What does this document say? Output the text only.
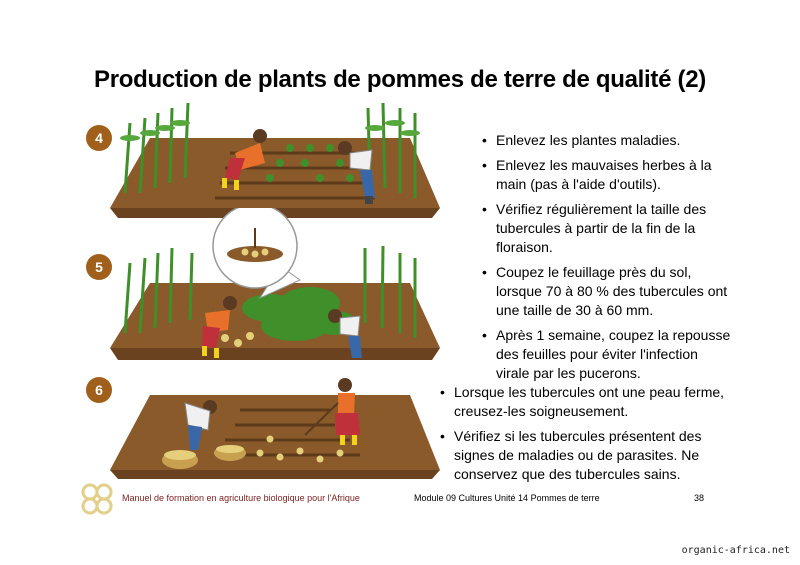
Production de plants de pommes de terre de qualité (2)
4
5
6
• Enlevez les plantes maladies.
• Enlevez les mauvaises herbes à la main (pas à l'aide d'outils).
• Vérifiez régulièrement la taille des tubercules à partir de la fin de la floraison.
• Coupez le feuillage près du sol, lorsque 70 à 80 % des tubercules ont une taille de 30 à 60 mm.
• Après 1 semaine, coupez la repousse des feuilles pour éviter l'infection virale par les pucerons.
• Lorsque les tubercules ont une peau ferme, creusez-les soigneusement.
• Vérifiez si les tubercules présentent des signes de maladies ou de parasites. Ne conservez que des tubercules sains.
Manuel de formation en agriculture biologique pour l'Afrique	Module 09 Cultures Unité 14 Pommes de terre	38
organic-africa.net
